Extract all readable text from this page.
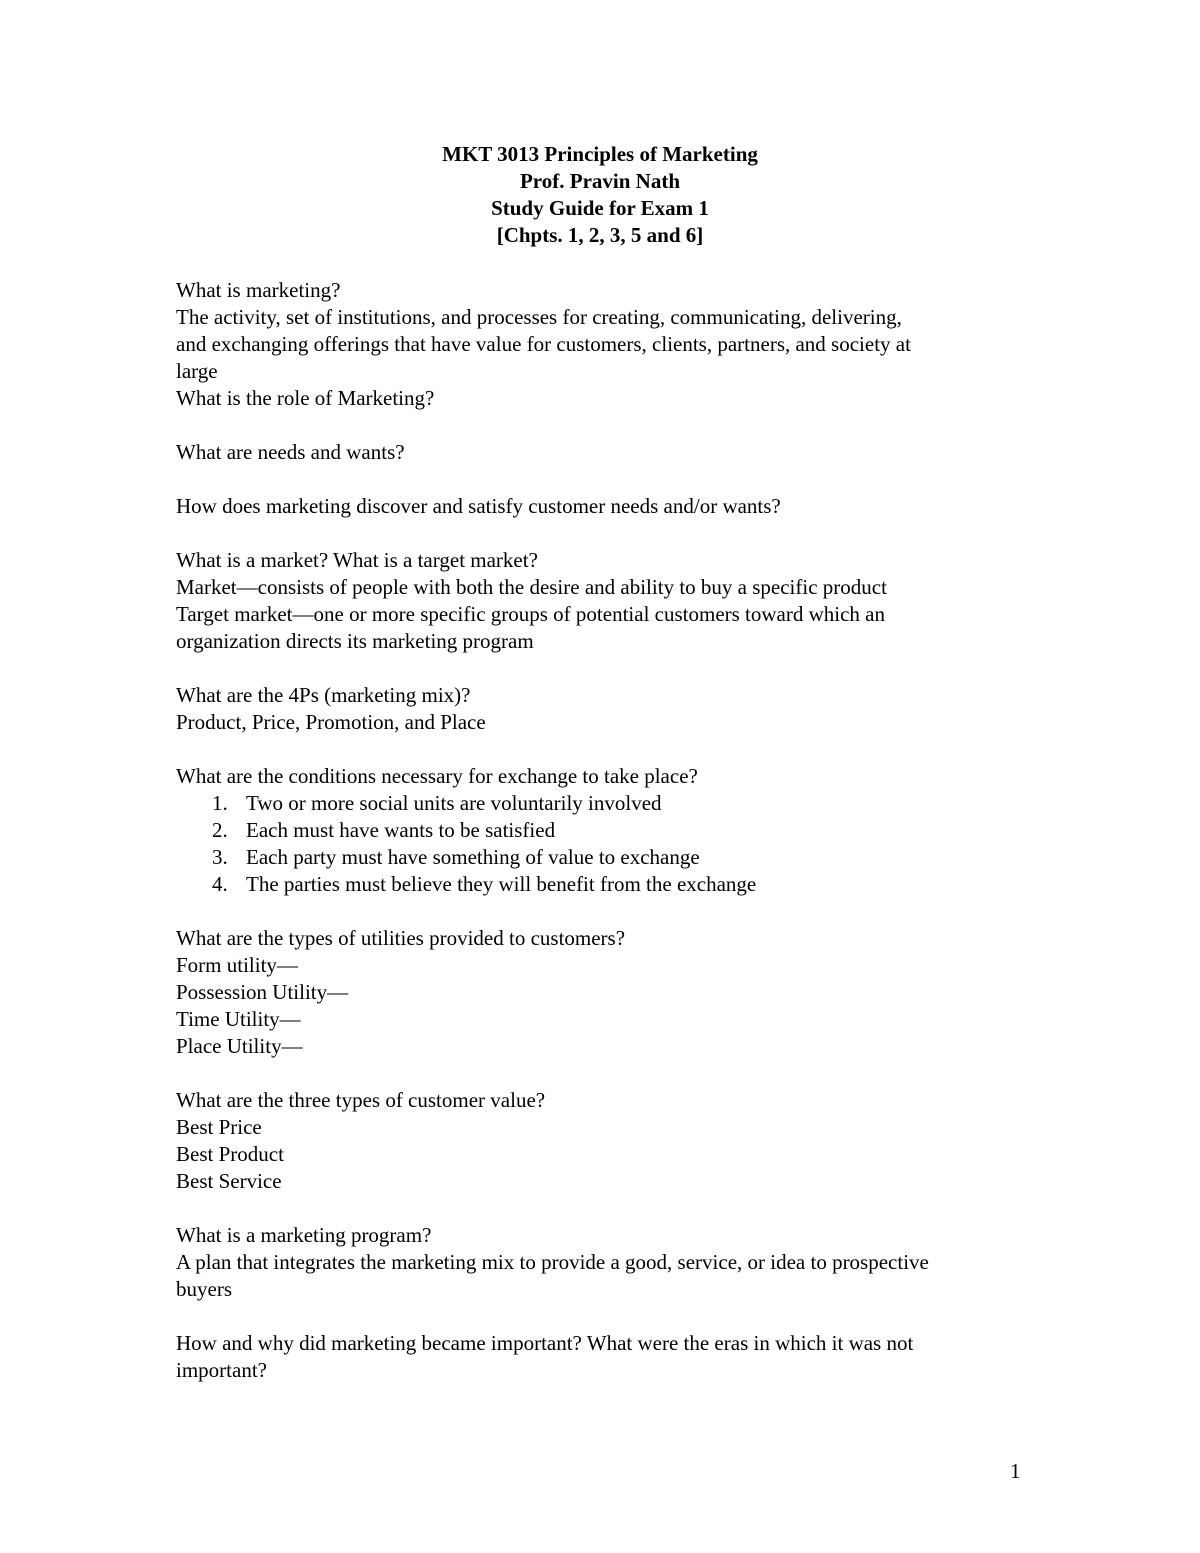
MKT 3013 Principles of Marketing
Prof. Pravin Nath
Study Guide for Exam 1
[Chpts. 1, 2, 3, 5 and 6]
What is marketing?
The activity, set of institutions, and processes for creating, communicating, delivering,
and exchanging offerings that have value for customers, clients, partners, and society at
large
What is the role of Marketing?
What are needs and wants?
How does marketing discover and satisfy customer needs and/or wants?
What is a market? What is a target market?
Market—consists of people with both the desire and ability to buy a specific product
Target market—one or more specific groups of potential customers toward which an
organization directs its marketing program
What are the 4Ps (marketing mix)?
Product, Price, Promotion, and Place
What are the conditions necessary for exchange to take place?
1. Two or more social units are voluntarily involved
2. Each must have wants to be satisfied
3. Each party must have something of value to exchange
4. The parties must believe they will benefit from the exchange
What are the types of utilities provided to customers?
Form utility—
Possession Utility—
Time Utility—
Place Utility—
What are the three types of customer value?
Best Price
Best Product
Best Service
What is a marketing program?
A plan that integrates the marketing mix to provide a good, service, or idea to prospective
buyers
How and why did marketing became important? What were the eras in which it was not
important?
1
